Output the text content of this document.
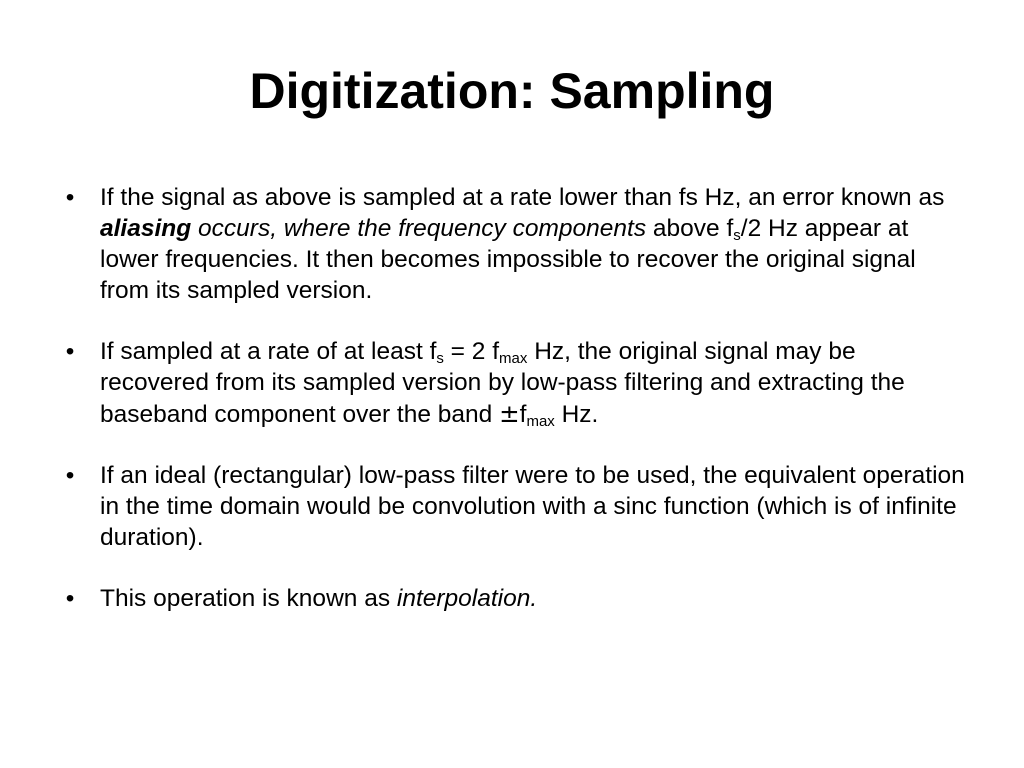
Digitization: Sampling
• If the signal as above is sampled at a rate lower than fs Hz, an error known as aliasing occurs, where the frequency components above $f_s/2$ Hz appear at lower frequencies. It then becomes impossible to recover the original signal from its sampled version.
• If sampled at a rate of at least $f_s = 2$ $f_{max}$ Hz, the original signal may be recovered from its sampled version by low-pass filtering and extracting the baseband component over the band $\pm f_{max}$ Hz.
• If an ideal (rectangular) low-pass filter were to be used, the equivalent operation in the time domain would be convolution with a sinc function (which is of infinite duration).
• This operation is known as interpolation.
